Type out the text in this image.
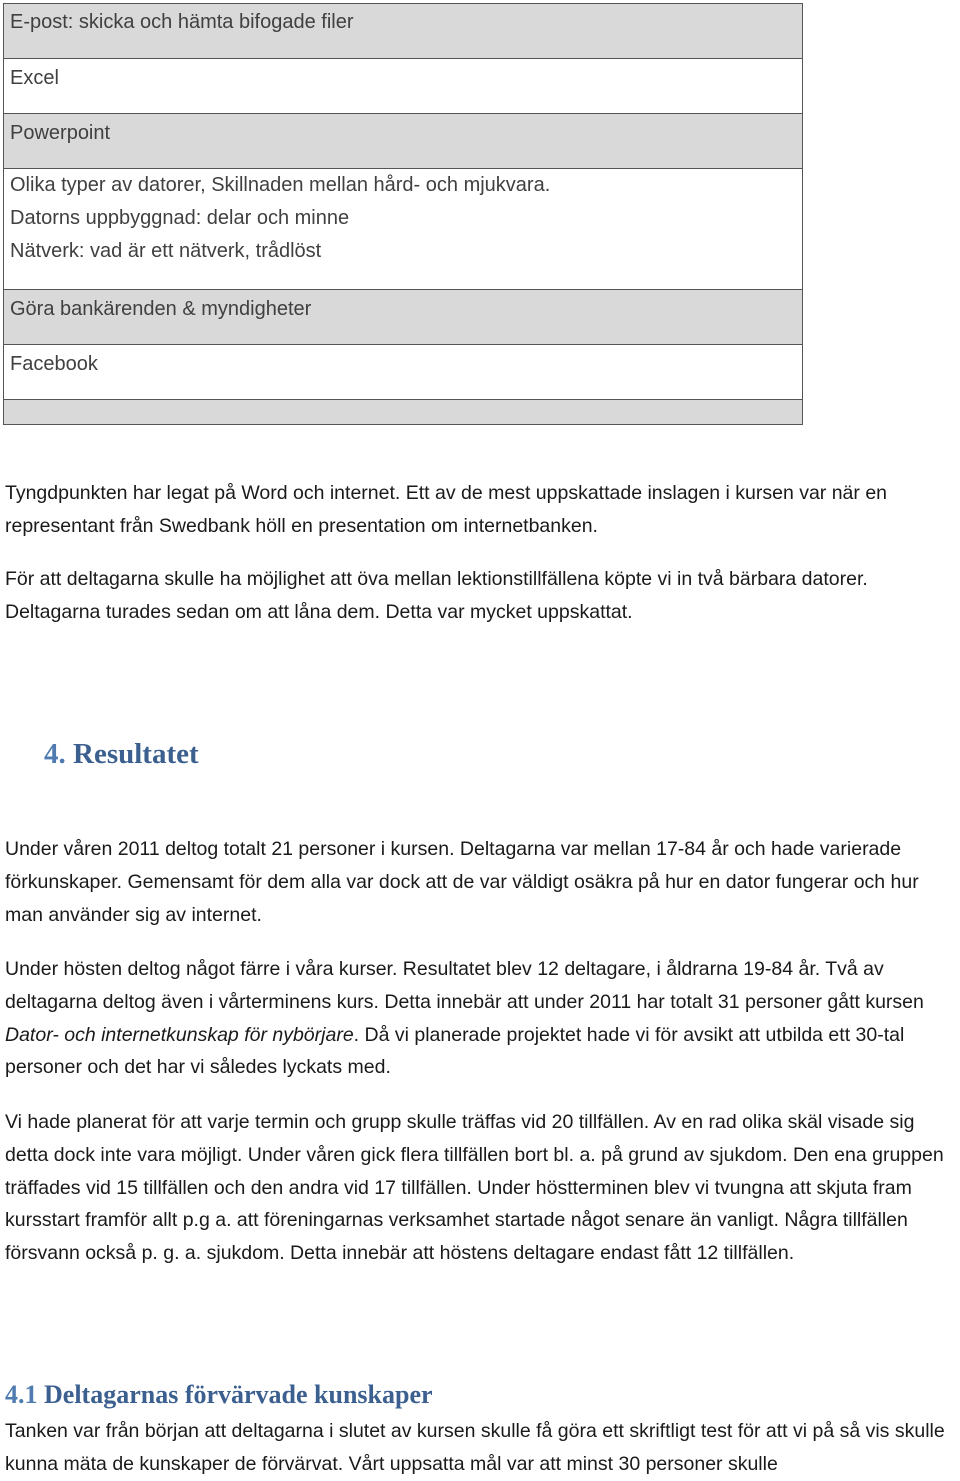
E-post: skicka och hämta bifogade filer
Excel
Powerpoint
Olika typer av datorer, Skillnaden mellan hård- och mjukvara.
Datorns uppbyggnad: delar och minne
Nätverk: vad är ett nätverk, trådlöst
Göra bankärenden & myndigheter
Facebook

Tyngdpunkten har legat på Word och internet. Ett av de mest uppskattade inslagen i kursen var när en representant från Swedbank höll en presentation om internetbanken.

För att deltagarna skulle ha möjlighet att öva mellan lektionstillfällena köpte vi in två bärbara datorer. Deltagarna turades sedan om att låna dem. Detta var mycket uppskattat.

4. Resultatet

Under våren 2011 deltog totalt 21 personer i kursen. Deltagarna var mellan 17-84 år och hade varierade förkunskaper. Gemensamt för dem alla var dock att de var väldigt osäkra på hur en dator fungerar och hur man använder sig av internet.

Under hösten deltog något färre i våra kurser. Resultatet blev 12 deltagare, i åldrarna 19-84 år. Två av deltagarna deltog även i vårterminens kurs. Detta innebär att under 2011 har totalt 31 personer gått kursen Dator- och internetkunskap för nybörjare. Då vi planerade projektet hade vi för avsikt att utbilda ett 30-tal personer och det har vi således lyckats med.

Vi hade planerat för att varje termin och grupp skulle träffas vid 20 tillfällen. Av en rad olika skäl visade sig detta dock inte vara möjligt. Under våren gick flera tillfällen bort bl. a. på grund av sjukdom. Den ena gruppen träffades vid 15 tillfällen och den andra vid 17 tillfällen. Under höstterminen blev vi tvungna att skjuta fram kursstart framför allt p.g a. att föreningarnas verksamhet startade något senare än vanligt. Några tillfällen försvann också p. g. a. sjukdom. Detta innebär att höstens deltagare endast fått 12 tillfällen.

4.1 Deltagarnas förvärvade kunskaper

Tanken var från början att deltagarna i slutet av kursen skulle få göra ett skriftligt test för att vi på så vis skulle kunna mäta de kunskaper de förvärvat. Vårt uppsatta mål var att minst 30 personer skulle
